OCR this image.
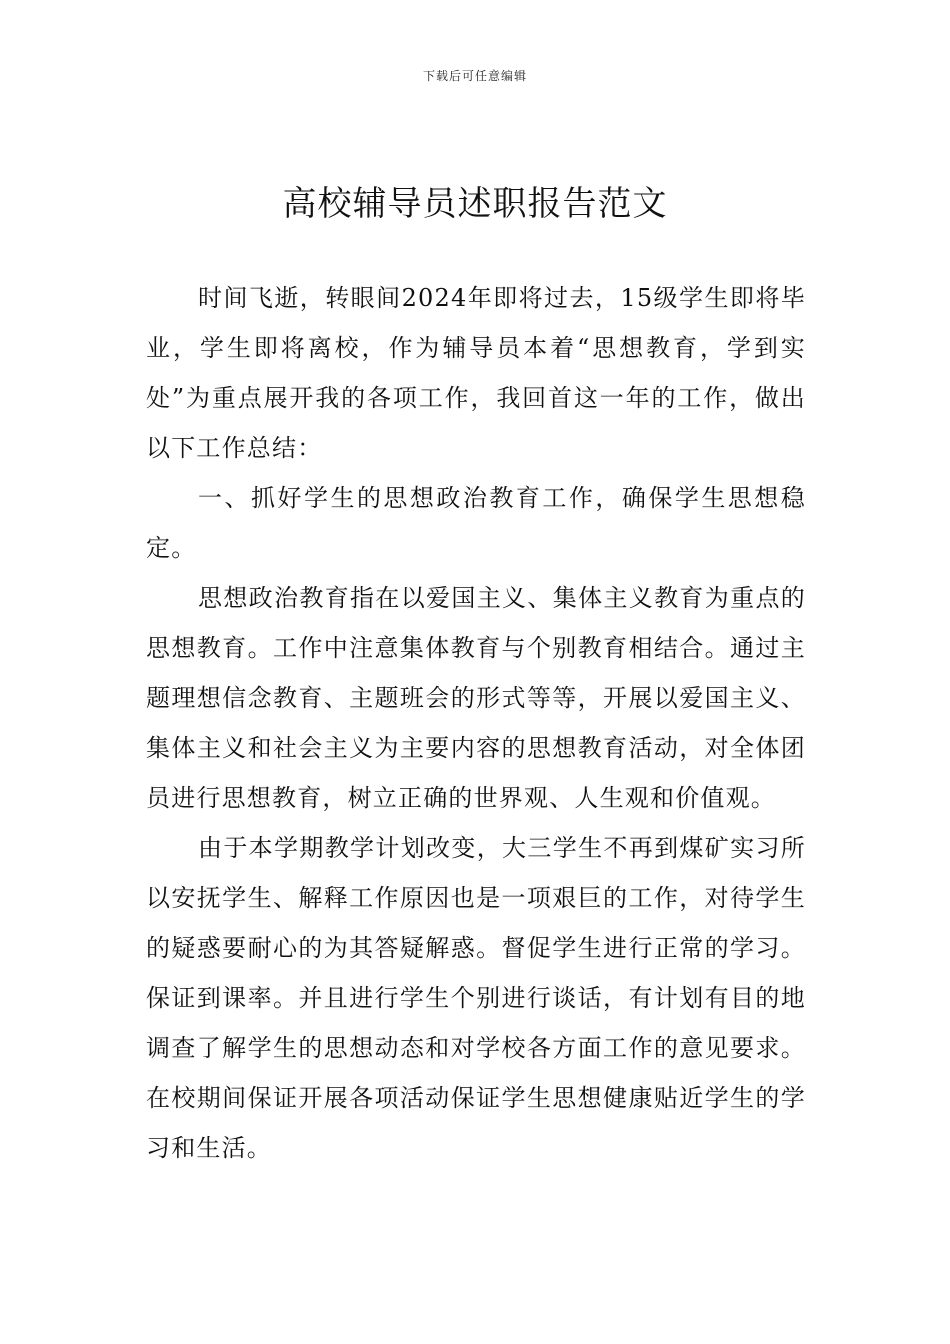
下载后可任意编辑
高校辅导员述职报告范文

时间飞逝，转眼间2024年即将过去，15级学生即将毕业，学生即将离校，作为辅导员本着“思想教育，学到实处”为重点展开我的各项工作，我回首这一年的工作，做出以下工作总结：

一、抓好学生的思想政治教育工作，确保学生思想稳定。

思想政治教育指在以爱国主义、集体主义教育为重点的思想教育。工作中注意集体教育与个别教育相结合。通过主题理想信念教育、主题班会的形式等等，开展以爱国主义、集体主义和社会主义为主要内容的思想教育活动，对全体团员进行思想教育，树立正确的世界观、人生观和价值观。

由于本学期教学计划改变，大三学生不再到煤矿实习所以安抚学生、解释工作原因也是一项艰巨的工作，对待学生的疑惑要耐心的为其答疑解惑。督促学生进行正常的学习。保证到课率。并且进行学生个别进行谈话，有计划有目的地调查了解学生的思想动态和对学校各方面工作的意见要求。在校期间保证开展各项活动保证学生思想健康贴近学生的学习和生活。
